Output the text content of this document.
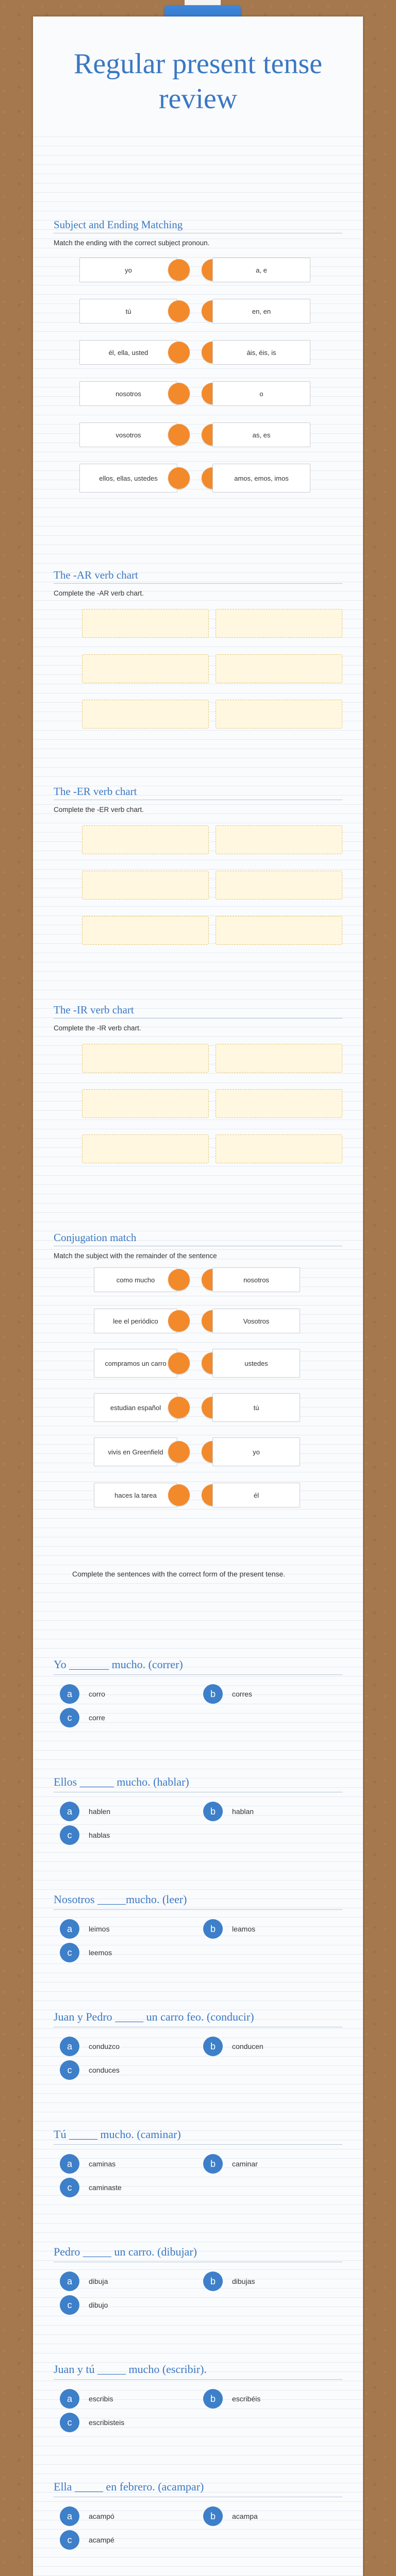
Regular present tense review
Subject and Ending Matching
Match the ending with the correct subject pronoun.
yo	a, e
tú	en, en
él, ella, usted	áis, éis, is
nosotros	o
vosotros	as, es
ellos, ellas, ustedes	amos, emos, imos
The -AR verb chart
Complete the -AR verb chart.
The -ER verb chart
Complete the -ER verb chart.
The -IR verb chart
Complete the -IR verb chart.
Conjugation match
Match the subject with the remainder of the sentence
como mucho	nosotros
lee el periódico	Vosotros
compramos un carro	ustedes
estudian español	tú
vivis en Greenfield	yo
haces la tarea	él
Complete the sentences with the correct form of the present tense.
Yo _______ mucho. (correr)
a	corro	b	corres
c	corre
Ellos ______ mucho. (hablar)
a	hablen	b	hablan
c	hablas
Nosotros _____mucho. (leer)
a	leimos	b	leamos
c	leemos
Juan y Pedro _____ un carro feo. (conducir)
a	conduzco	b	conducen
c	conduces
Tú _____ mucho. (caminar)
a	caminas	b	caminar
c	caminaste
Pedro _____ un carro. (dibujar)
a	dibuja	b	dibujas
c	dibujo
Juan y tú _____ mucho (escribir).
a	escribis	b	escribéis
c	escribisteis
Ella _____ en febrero. (acampar)
a	acampó	b	acampa
c	acampé
